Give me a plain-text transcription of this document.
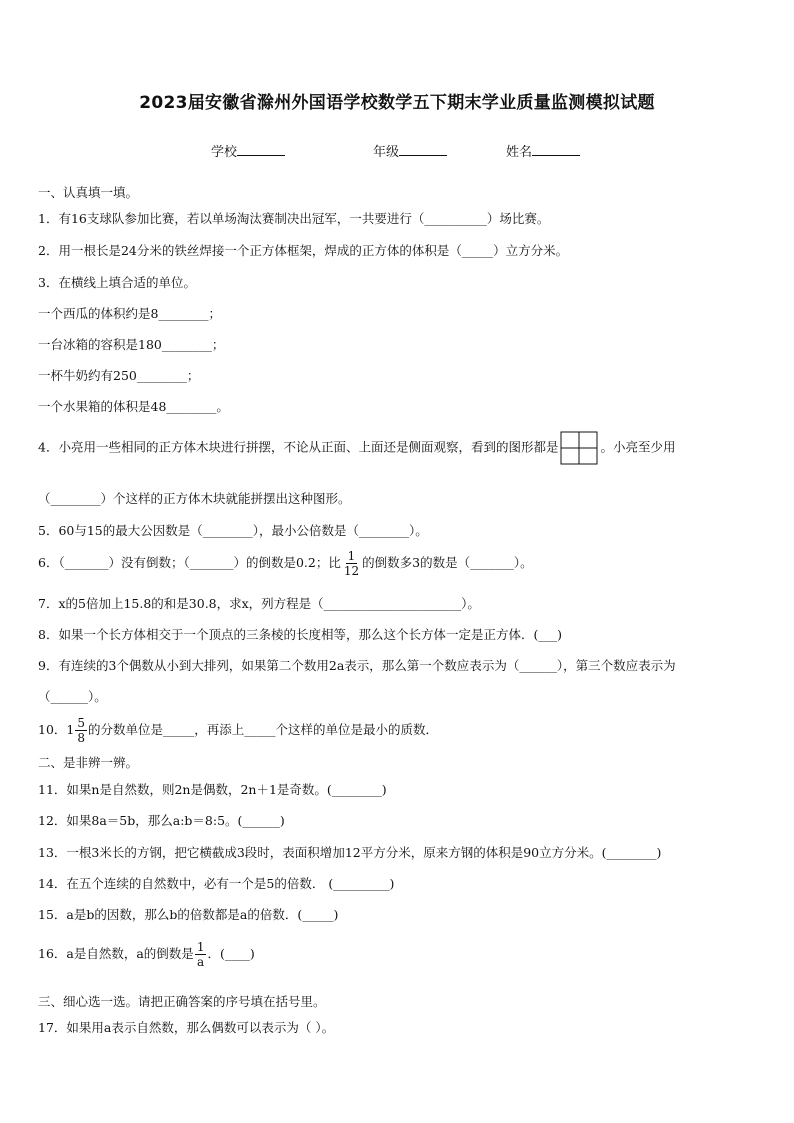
2023届安徽省滁州外国语学校数学五下期末学业质量监测模拟试题
学校	年级	姓名
一、认真填一填。
1．有16支球队参加比赛，若以单场淘汰赛制决出冠军，一共要进行（__________）场比赛。
2．用一根长是24分米的铁丝焊接一个正方体框架，焊成的正方体的体积是（_____）立方分米。
3．在横线上填合适的单位。
一个西瓜的体积约是8________；
一台冰箱的容积是180________；
一杯牛奶约有250________；
一个水果箱的体积是48________。
4．小亮用一些相同的正方体木块进行拼摆，不论从正面、上面还是侧面观察，看到的图形都是	。小亮至少用
（________）个这样的正方体木块就能拼摆出这种图形。
5．60与15的最大公因数是（________），最小公倍数是（________）。
6．（_______）没有倒数；（_______）的倒数是0.2；比 $\frac{1}{12}$ 的倒数多3的数是（_______）。
7．x的5倍加上15.8的和是30.8，求x，列方程是（______________________）。
8．如果一个长方体相交于一个顶点的三条棱的长度相等，那么这个长方体一定是正方体．(___)
9．有连续的3个偶数从小到大排列，如果第二个数用2a表示，那么第一个数应表示为（______），第三个数应表示为
（______）。
10．$1 \frac{5}{8}$ 的分数单位是_____，再添上_____个这样的单位是最小的质数．
二、是非辨一辨。
11．如果n是自然数，则2n是偶数，2n＋1是奇数。(________)
12．如果8a＝5b，那么a:b＝8:5。(______)
13．一根3米长的方钢，把它横截成3段时，表面积增加12平方分米，原来方钢的体积是90立方分米。(________)
14．在五个连续的自然数中，必有一个是5的倍数． (_________)
15．a是b的因数，那么b的倍数都是a的倍数．(_____)
16．a是自然数，a的倒数是 $\frac{1}{a}$ ．(____)
三、细心选一选。请把正确答案的序号填在括号里。
17．如果用a表示自然数，那么偶数可以表示为（ ）。
